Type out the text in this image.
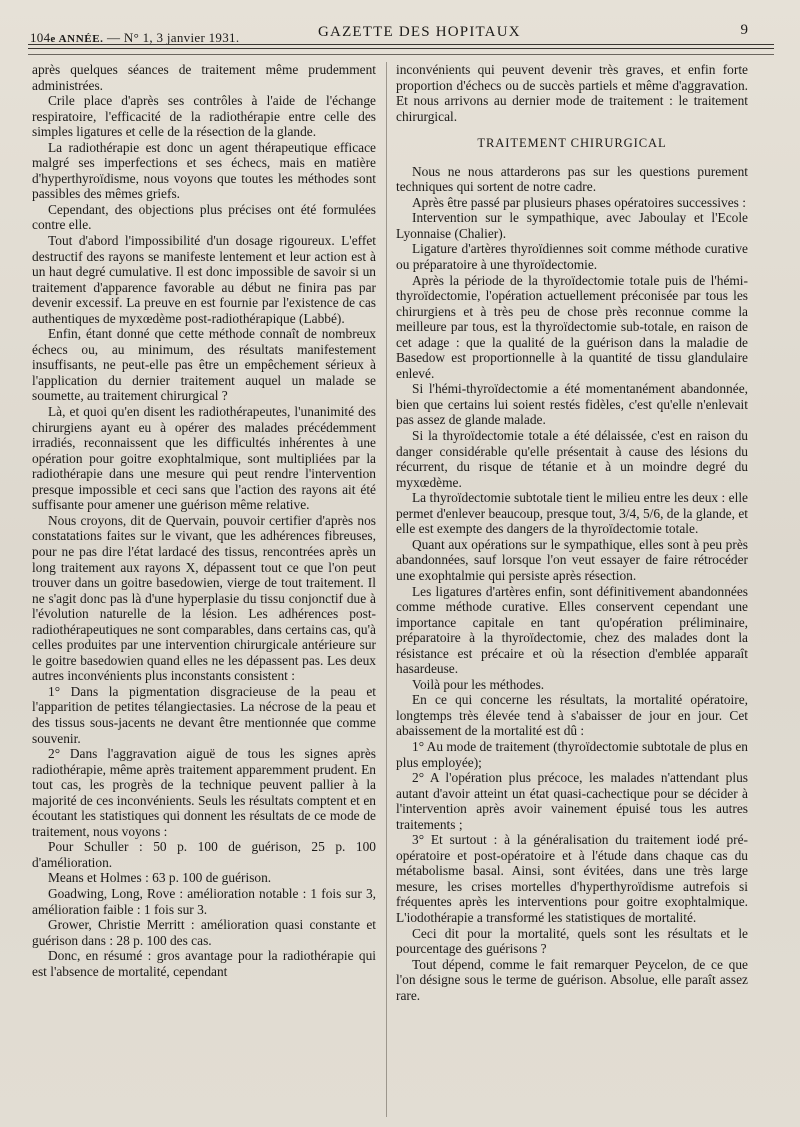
104e ANNÉE. — N° 1, 3 janvier 1931.	GAZETTE DES HOPITAUX	9

après quelques séances de traitement même prudemment administrées.

Crile place d'après ses contrôles à l'aide de l'échange respiratoire, l'efficacité de la radiothérapie entre celle des simples ligatures et celle de la résection de la glande.

La radiothérapie est donc un agent thérapeutique efficace malgré ses imperfections et ses échecs, mais en matière d'hyperthyroïdisme, nous voyons que toutes les méthodes sont passibles des mêmes griefs.

Cependant, des objections plus précises ont été formulées contre elle.

Tout d'abord l'impossibilité d'un dosage rigoureux. L'effet destructif des rayons se manifeste lentement et leur action est à un haut degré cumulative. Il est donc impossible de savoir si un traitement d'apparence favorable au début ne finira pas par devenir excessif. La preuve en est fournie par l'existence de cas authentiques de myxœdème post-radiothérapique (Labbé).

Enfin, étant donné que cette méthode connaît de nombreux échecs ou, au minimum, des résultats manifestement insuffisants, ne peut-elle pas être un empêchement sérieux à l'application du dernier traitement auquel un malade se soumette, au traitement chirurgical ?

Là, et quoi qu'en disent les radiothérapeutes, l'unanimité des chirurgiens ayant eu à opérer des malades précédemment irradiés, reconnaissent que les difficultés inhérentes à une opération pour goitre exophtalmique, sont multipliées par la radiothérapie dans une mesure qui peut rendre l'intervention presque impossible et ceci sans que l'action des rayons ait été suffisante pour amener une guérison même relative.

Nous croyons, dit de Quervain, pouvoir certifier d'après nos constatations faites sur le vivant, que les adhérences fibreuses, pour ne pas dire l'état lardacé des tissus, rencontrées après un long traitement aux rayons X, dépassent tout ce que l'on peut trouver dans un goitre basedowien, vierge de tout traitement. Il ne s'agit donc pas là d'une hyperplasie du tissu conjonctif due à l'évolution naturelle de la lésion. Les adhérences post-radiothérapeutiques ne sont comparables, dans certains cas, qu'à celles produites par une intervention chirurgicale antérieure sur le goitre basedowien quand elles ne les dépassent pas. Les deux autres inconvénients plus inconstants consistent :

1° Dans la pigmentation disgracieuse de la peau et l'apparition de petites télangiectasies. La nécrose de la peau et des tissus sous-jacents ne devant être mentionnée que comme souvenir.

2° Dans l'aggravation aiguë de tous les signes après radiothérapie, même après traitement apparemment prudent. En tout cas, les progrès de la technique peuvent pallier à la majorité de ces inconvénients. Seuls les résultats comptent et en écoutant les statistiques qui donnent les résultats de ce mode de traitement, nous voyons :

Pour Schuller : 50 p. 100 de guérison, 25 p. 100 d'amélioration.

Means et Holmes : 63 p. 100 de guérison.

Goadwing, Long, Rove : amélioration notable : 1 fois sur 3, amélioration faible : 1 fois sur 3.

Grower, Christie Merritt : amélioration quasi constante et guérison dans : 28 p. 100 des cas.

Donc, en résumé : gros avantage pour la radiothérapie qui est l'absence de mortalité, cependant

inconvénients qui peuvent devenir très graves, et enfin forte proportion d'échecs ou de succès partiels et même d'aggravation. Et nous arrivons au dernier mode de traitement : le traitement chirurgical.

TRAITEMENT CHIRURGICAL

Nous ne nous attarderons pas sur les questions purement techniques qui sortent de notre cadre.

Après être passé par plusieurs phases opératoires successives :

Intervention sur le sympathique, avec Jaboulay et l'Ecole Lyonnaise (Chalier).

Ligature d'artères thyroïdiennes soit comme méthode curative ou préparatoire à une thyroïdectomie.

Après la période de la thyroïdectomie totale puis de l'hémi-thyroïdectomie, l'opération actuellement préconisée par tous les chirurgiens et à très peu de chose près reconnue comme la meilleure par tous, est la thyroïdectomie sub-totale, en raison de cet adage : que la qualité de la guérison dans la maladie de Basedow est proportionnelle à la quantité de tissu glandulaire enlevé.

Si l'hémi-thyroïdectomie a été momentanément abandonnée, bien que certains lui soient restés fidèles, c'est qu'elle n'enlevait pas assez de glande malade.

Si la thyroïdectomie totale a été délaissée, c'est en raison du danger considérable qu'elle présentait à cause des lésions du récurrent, du risque de tétanie et à un moindre degré du myxœdème.

La thyroïdectomie subtotale tient le milieu entre les deux : elle permet d'enlever beaucoup, presque tout, 3/4, 5/6, de la glande, et elle est exempte des dangers de la thyroïdectomie totale.

Quant aux opérations sur le sympathique, elles sont à peu près abandonnées, sauf lorsque l'on veut essayer de faire rétrocéder une exophtalmie qui persiste après résection.

Les ligatures d'artères enfin, sont définitivement abandonnées comme méthode curative. Elles conservent cependant une importance capitale en tant qu'opération préliminaire, préparatoire à la thyroïdectomie, chez des malades dont la résistance est précaire et où la résection d'emblée apparaît hasardeuse.

Voilà pour les méthodes.

En ce qui concerne les résultats, la mortalité opératoire, longtemps très élevée tend à s'abaisser de jour en jour. Cet abaissement de la mortalité est dû :

1° Au mode de traitement (thyroïdectomie subtotale de plus en plus employée);

2° A l'opération plus précoce, les malades n'attendant plus autant d'avoir atteint un état quasi-cachectique pour se décider à l'intervention après avoir vainement épuisé tous les autres traitements ;

3° Et surtout : à la généralisation du traitement iodé pré-opératoire et post-opératoire et à l'étude dans chaque cas du métabolisme basal. Ainsi, sont évitées, dans une très large mesure, les crises mortelles d'hyperthyroïdisme autrefois si fréquentes après les interventions pour goitre exophtalmique. L'iodothérapie a transformé les statistiques de mortalité.

Ceci dit pour la mortalité, quels sont les résultats et le pourcentage des guérisons ?

Tout dépend, comme le fait remarquer Peycelon, de ce que l'on désigne sous le terme de guérison. Absolue, elle paraît assez rare.
